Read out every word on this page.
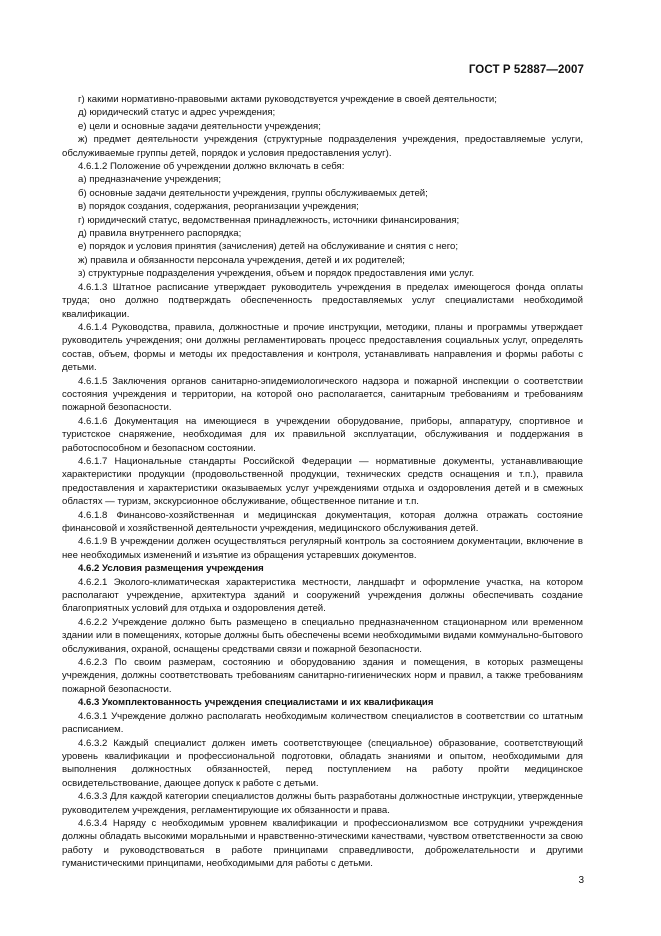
ГОСТ Р 52887—2007

г) какими нормативно-правовыми актами руководствуется учреждение в своей деятельности;

д) юридический статус и адрес учреждения;

е) цели и основные задачи деятельности учреждения;

ж) предмет деятельности учреждения (структурные подразделения учреждения, предоставляемые услуги, обслуживаемые группы детей, порядок и условия предоставления услуг).

4.6.1.2 Положение об учреждении должно включать в себя:

а) предназначение учреждения;

б) основные задачи деятельности учреждения, группы обслуживаемых детей;

в) порядок создания, содержания, реорганизации учреждения;

г) юридический статус, ведомственная принадлежность, источники финансирования;

д) правила внутреннего распорядка;

е) порядок и условия принятия (зачисления) детей на обслуживание и снятия с него;

ж) правила и обязанности персонала учреждения, детей и их родителей;

з) структурные подразделения учреждения, объем и порядок предоставления ими услуг.

4.6.1.3 Штатное расписание утверждает руководитель учреждения в пределах имеющегося фонда оплаты труда; оно должно подтверждать обеспеченность предоставляемых услуг специалистами необходимой квалификации.

4.6.1.4 Руководства, правила, должностные и прочие инструкции, методики, планы и программы утверждает руководитель учреждения; они должны регламентировать процесс предоставления социальных услуг, определять состав, объем, формы и методы их предоставления и контроля, устанавливать направления и формы работы с детьми.

4.6.1.5 Заключения органов санитарно-эпидемиологического надзора и пожарной инспекции о соответствии состояния учреждения и территории, на которой оно располагается, санитарным требованиям и требованиям пожарной безопасности.

4.6.1.6 Документация на имеющиеся в учреждении оборудование, приборы, аппаратуру, спортивное и туристское снаряжение, необходимая для их правильной эксплуатации, обслуживания и поддержания в работоспособном и безопасном состоянии.

4.6.1.7 Национальные стандарты Российской Федерации — нормативные документы, устанавливающие характеристики продукции (продовольственной продукции, технических средств оснащения и т.п.), правила предоставления и характеристики оказываемых услуг учреждениями отдыха и оздоровления детей и в смежных областях — туризм, экскурсионное обслуживание, общественное питание и т.п.

4.6.1.8 Финансово-хозяйственная и медицинская документация, которая должна отражать состояние финансовой и хозяйственной деятельности учреждения, медицинского обслуживания детей.

4.6.1.9 В учреждении должен осуществляться регулярный контроль за состоянием документации, включение в нее необходимых изменений и изъятие из обращения устаревших документов.

4.6.2 Условия размещения учреждения

4.6.2.1 Эколого-климатическая характеристика местности, ландшафт и оформление участка, на котором располагают учреждение, архитектура зданий и сооружений учреждения должны обеспечивать создание благоприятных условий для отдыха и оздоровления детей.

4.6.2.2 Учреждение должно быть размещено в специально предназначенном стационарном или временном здании или в помещениях, которые должны быть обеспечены всеми необходимыми видами коммунально-бытового обслуживания, охраной, оснащены средствами связи и пожарной безопасности.

4.6.2.3 По своим размерам, состоянию и оборудованию здания и помещения, в которых размещены учреждения, должны соответствовать требованиям санитарно-гигиенических норм и правил, а также требованиям пожарной безопасности.

4.6.3 Укомплектованность учреждения специалистами и их квалификация

4.6.3.1 Учреждение должно располагать необходимым количеством специалистов в соответствии со штатным расписанием.

4.6.3.2 Каждый специалист должен иметь соответствующее (специальное) образование, соответствующий уровень квалификации и профессиональной подготовки, обладать знаниями и опытом, необходимыми для выполнения должностных обязанностей, перед поступлением на работу пройти медицинское освидетельствование, дающее допуск к работе с детьми.

4.6.3.3 Для каждой категории специалистов должны быть разработаны должностные инструкции, утвержденные руководителем учреждения, регламентирующие их обязанности и права.

4.6.3.4 Наряду с необходимым уровнем квалификации и профессионализмом все сотрудники учреждения должны обладать высокими моральными и нравственно-этическими качествами, чувством ответственности за свою работу и руководствоваться в работе принципами справедливости, доброжелательности и другими гуманистическими принципами, необходимыми для работы с детьми.

3
